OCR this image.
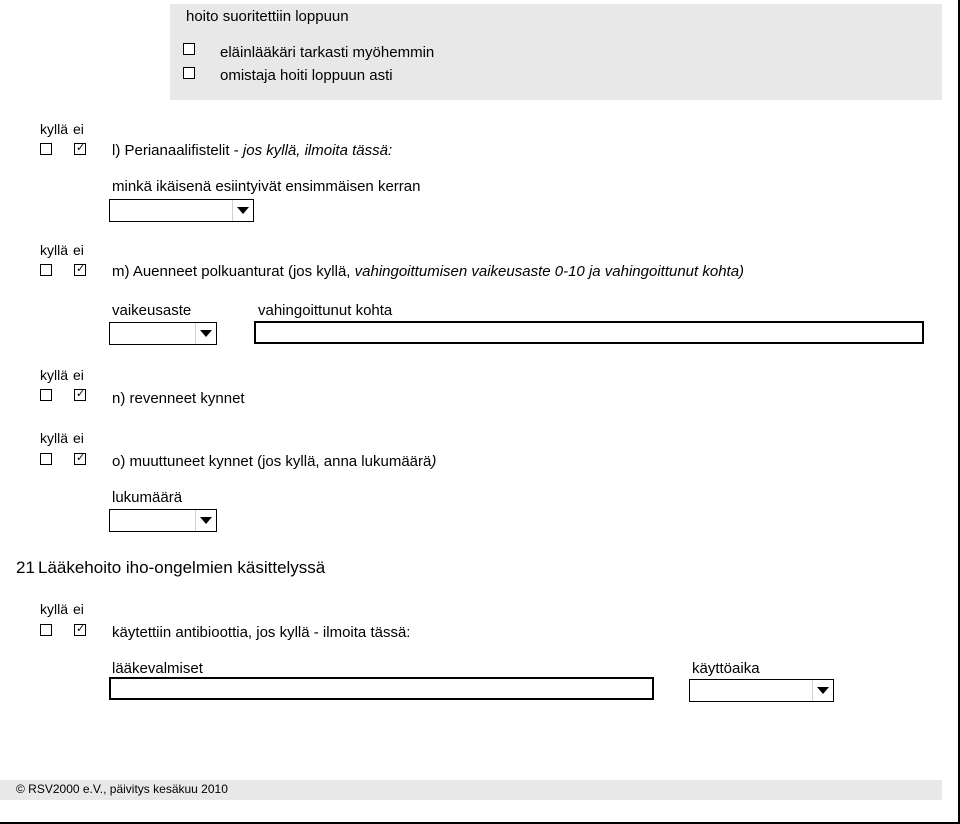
hoito suoritettiin loppuun
eläinlääkäri tarkasti myöhemmin
omistaja hoiti loppuun asti
kyllä ei
✓ l) Perianaalifistelit - jos kyllä, ilmoita tässä:
minkä ikäisenä esiintyivät ensimmäisen kerran
kyllä ei
✓ m) Auenneet polkuanturat (jos kyllä, vahingoittumisen vaikeusaste 0-10 ja vahingoittunut kohta)
vaikeusaste	vahingoittunut kohta
kyllä ei
✓ n) revenneet kynnet
kyllä ei
✓ o) muuttuneet kynnet (jos kyllä, anna lukumäärä)
lukumäärä
21 Lääkehoito iho-ongelmien käsittelyssä
kyllä ei
✓ käytettiin antibioottia, jos kyllä - ilmoita tässä:
lääkevalmiset	käyttöaika
© RSV2000 e.V., päivitys kesäkuu 2010
